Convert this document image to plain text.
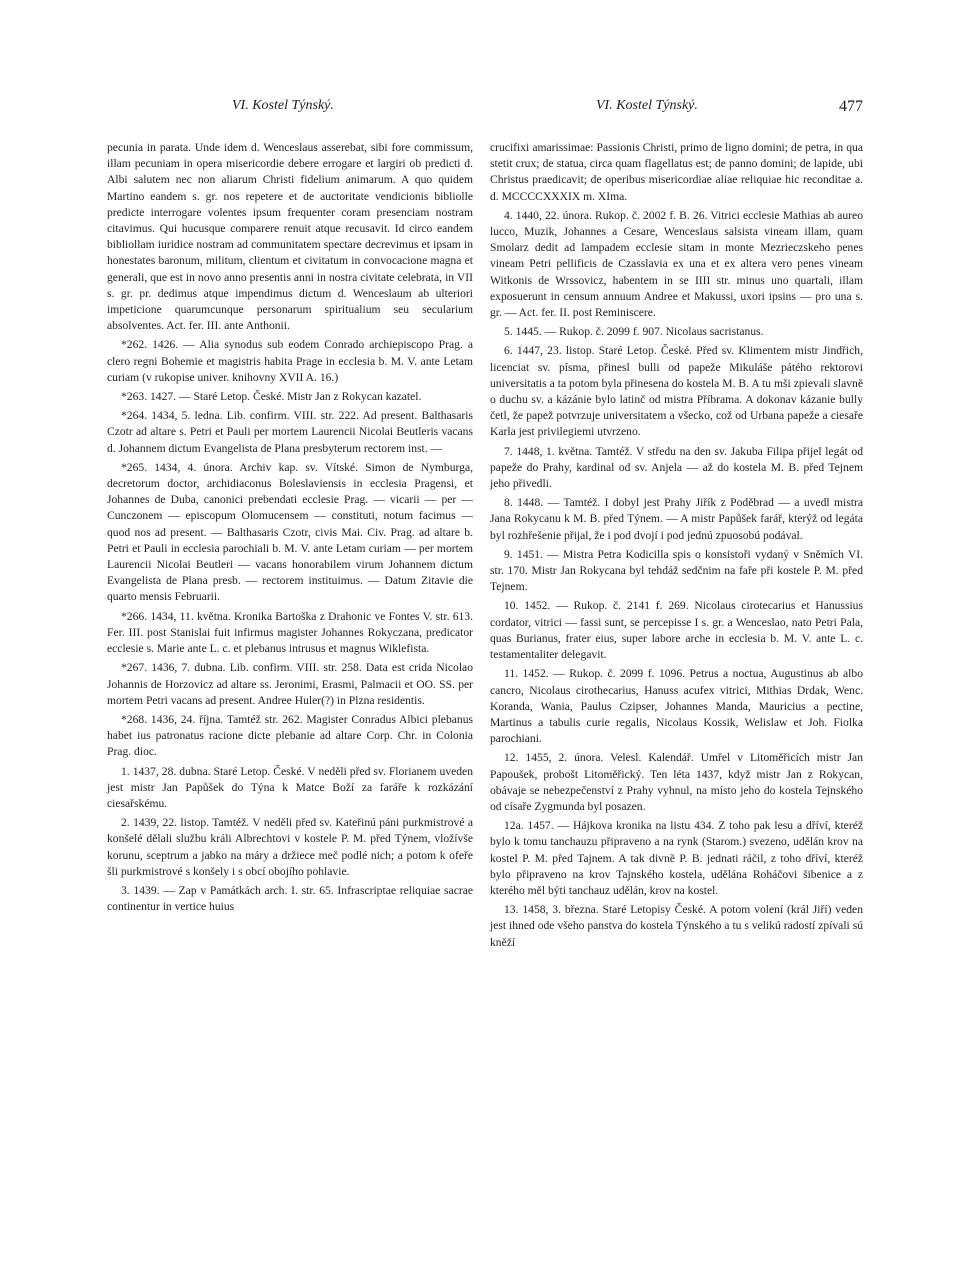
VI. Kostel Týnský.	VI. Kostel Týnský.	477

pecunia in parata. Unde idem d. Wenceslaus asserebat, sibi fore commissum, illam pecuniam in opera misericordie debere errogare et largiri ob predicti d. Albi salutem nec non aliarum Christi fidelium animarum. A quo quidem Martino eandem s. gr. nos repetere et de auctoritate vendicionis bibliolle predicte interrogare volentes ipsum frequenter coram presenciam nostram citavimus. Qui hucusque comparere renuit atque recusavit. Id circo eandem bibliollam iuridice nostram ad communitatem spectare decrevimus et ipsam in honestates baronum, militum, clientum et civitatum in convocacione magna et generali, que est in novo anno presentis anni in nostra civitate celebrata, in VII s. gr. pr. dedimus atque impendimus dictum d. Wenceslaum ab ulteriori impeticione quarumcunque personarum spiritualium seu secularium absolventes. Act. fer. III. ante Anthonii.

*262. 1426. — Alia synodus sub eodem Conrado archiepiscopo Prag. a clero regni Bohemie et magistris habita Prage in ecclesia b. M. V. ante Letam curiam (v rukopise univer. knihovny XVII A. 16.)

*263. 1427. — Staré Letop. České. Mistr Jan z Rokycan kazatel.

*264. 1434, 5. ledna. Lib. confirm. VIII. str. 222. Ad present. Balthasaris Czotr ad altare s. Petri et Pauli per mortem Laurencii Nicolai Beutleris vacans d. Johannem dictum Evangelista de Plana presbyterum rectorem inst. —

*265. 1434, 4. února. Archiv kap. sv. Vítské. Simon de Nymburga, decretorum doctor, archidiaconus Boleslaviensis in ecclesia Pragensi, et Johannes de Duba, canonici prebendati ecclesie Prag. — vicarii — per — Cunczonem — episcopum Olomucensem — constituti, notum facimus — quod nos ad present. — Balthasaris Czotr, civis Mai. Civ. Prag. ad altare b. Petri et Pauli in ecclesia parochiali b. M. V. ante Letam curiam — per mortem Laurencii Nicolai Beutleri — vacans honorabilem virum Johannem dictum Evangelista de Plana presb. — rectorem instituimus. — Datum Zitavie die quarto mensis Februarii.

*266. 1434, 11. května. Kronika Bartoška z Drahonic ve Fontes V. str. 613. Fer. III. post Stanislai fuit infirmus magister Johannes Rokyczana, predicator ecclesie s. Marie ante L. c. et plebanus intrusus et magnus Wiklefista.

*267. 1436, 7. dubna. Lib. confirm. VIII. str. 258. Data est crida Nicolao Johannis de Horzovicz ad altare ss. Jeronimi, Erasmi, Palmacii et OO. SS. per mortem Petri vacans ad present. Andree Huler(?) in Plzna residentis.

*268. 1436, 24. října. Tamtéž str. 262. Magister Conradus Albici plebanus habet ius patronatus racione dicte plebanie ad altare Corp. Chr. in Colonia Prag. dioc.

1. 1437, 28. dubna. Staré Letop. České. V neděli před sv. Florianem uveden jest mistr Jan Papůšek do Týna k Matce Boží za faráře k rozkázání ciesařskému.

2. 1439, 22. listop. Tamtéž. V neděli před sv. Kateřinú páni purkmistrové a konšelé dělali službu králi Albrechtovi v kostele P. M. před Týnem, vložívše korunu, sceptrum a jabko na máry a držiece meč podlé nich; a potom k ofeře šli purkmistrové s konšely i s obcí obojího pohlavie.

3. 1439. — Zap v Památkách arch. I. str. 65. Infrascriptae reliquiae sacrae continentur in vertice huius

crucifixi amarissimae: Passionis Christi, primo de ligno domini; de petra, in qua stetit crux; de statua, circa quam flagellatus est; de panno domini; de lapide, ubi Christus praedicavit; de operibus misericordiae aliae reliquiae hic reconditae a. d. MCCCCXXXIX m. XIma.

4. 1440, 22. února. Rukop. č. 2002 f. B. 26. Vitrici ecclesie Mathias ab aureo lucco, Muzik, Johannes a Cesare, Wenceslaus salsista vineam illam, quam Smolarz dedit ad lampadem ecclesie sitam in monte Mezrieczskeho penes vineam Petri pellificis de Czasslavia ex una et ex altera vero penes vineam Witkonis de Wrssovicz, habentem in se IIII str. minus uno quartali, illam exposuerunt in censum annuum Andree et Makussi, uxori ipsins — pro una s. gr. — Act. fer. II. post Reminiscere.

5. 1445. — Rukop. č. 2099 f. 907. Nicolaus sacristanus.

6. 1447, 23. listop. Staré Letop. České. Před sv. Klimentem mistr Jindřich, licenciat sv. písma, přinesl bulli od papeže Mikuláše pátého rektorovi universitatis a ta potom byla přinesena do kostela M. B. A tu mši zpievali slavně o duchu sv. a kázánie bylo latinč od mistra Příbrama. A dokonav kázanie bully četl, že papež potvrzuje universitatem a všecko, což od Urbana papeže a ciesaře Karla jest privilegiemi utvrzeno.

7. 1448, 1. května. Tamtéž. V středu na den sv. Jakuba Filipa přijel legát od papeže do Prahy, kardinal od sv. Anjela — až do kostela M. B. před Tejnem jeho přivedli.

8. 1448. — Tamtéž. I dobyl jest Prahy Jiřík z Poděbrad — a uvedl mistra Jana Rokycanu k M. B. před Týnem. — A mistr Papůšek farář, kterýž od legáta byl rozhřešenie přijal, že i pod dvojí i pod jednú zpuosobú podával.

9. 1451. — Mistra Petra Kodicilla spis o konsistoři vydaný v Sněmích VI. str. 170. Mistr Jan Rokycana byl tehdáž sedčnim na faře při kostele P. M. před Tejnem.

10. 1452. — Rukop. č. 2141 f. 269. Nicolaus cirotecarius et Hanussius cordator, vitrici — fassi sunt, se percepisse I s. gr. a Wenceslao, nato Petri Pala, quas Burianus, frater eius, super labore arche in ecclesia b. M. V. ante L. c. testamentaliter delegavit.

11. 1452. — Rukop. č. 2099 f. 1096. Petrus a noctua, Augustinus ab albo cancro, Nicolaus cirothecarius, Hanuss acufex vitrici, Mithias Drdak, Wenc. Koranda, Wania, Paulus Czipser, Johannes Manda, Mauricius a pectine, Martinus a tabulis curie regalis, Nicolaus Kossik, Welislaw et Joh. Fiolka parochiani.

12. 1455, 2. února. Velesl. Kalendář. Umřel v Litoměřicích mistr Jan Papoušek, probošt Litoměřický. Ten léta 1437, když mistr Jan z Rokycan, obávaje se nebezpečenství z Prahy vyhnul, na místo jeho do kostela Tejnského od císaře Zygmunda byl posazen.

12a. 1457. — Hájkova kronika na listu 434. Z toho pak lesu a dříví, kteréž bylo k tomu tanchauzu připraveno a na rynk (Starom.) svezeno, udělán krov na kostel P. M. před Tajnem. A tak divně P. B. jednati ráčil, z toho dříví, kteréž bylo připraveno na krov Tajnského kostela, udělána Roháčovi šibenice a z kterého měl býti tanchauz udělán, krov na kostel.

13. 1458, 3. března. Staré Letopisy České. A potom volení (král Jiří) veden jest ihned ode všeho panstva do kostela Týnského a tu s velikú radostí zpívali sú kněží
